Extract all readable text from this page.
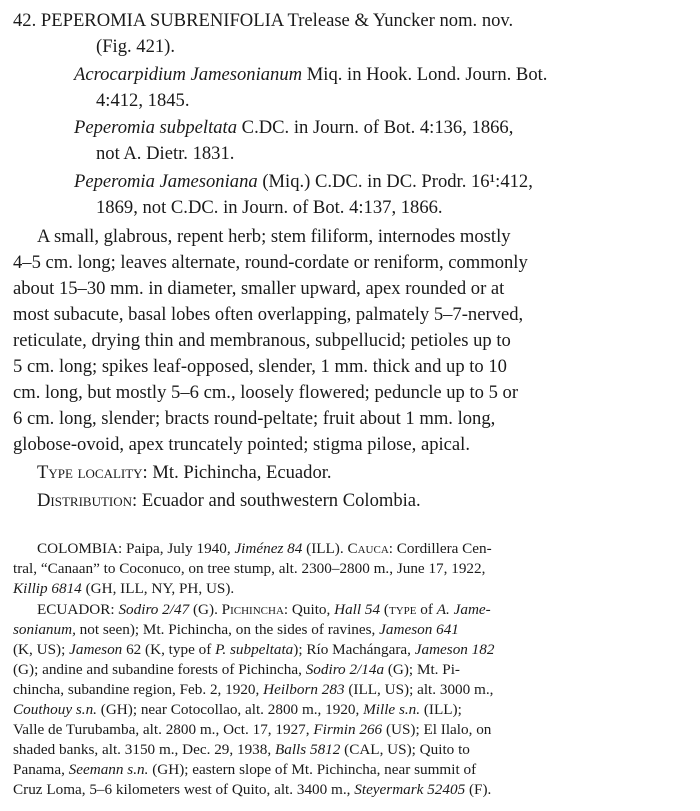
42. PEPEROMIA SUBRENIFOLIA Trelease & Yuncker nom. nov.
(Fig. 421).
Acrocarpidium Jamesonianum Miq. in Hook. Lond. Journ. Bot.
4:412, 1845.
Peperomia subpeltata C.DC. in Journ. of Bot. 4:136, 1866,
not A. Dietr. 1831.
Peperomia Jamesoniana (Miq.) C.DC. in DC. Prodr. 16¹:412,
1869, not C.DC. in Journ. of Bot. 4:137, 1866.
A small, glabrous, repent herb; stem filiform, internodes mostly
4–5 cm. long; leaves alternate, round-cordate or reniform, commonly
about 15–30 mm. in diameter, smaller upward, apex rounded or at
most subacute, basal lobes often overlapping, palmately 5–7-nerved,
reticulate, drying thin and membranous, subpellucid; petioles up to
5 cm. long; spikes leaf-opposed, slender, 1 mm. thick and up to 10
cm. long, but mostly 5–6 cm., loosely flowered; peduncle up to 5 or
6 cm. long, slender; bracts round-peltate; fruit about 1 mm. long,
globose-ovoid, apex truncately pointed; stigma pilose, apical.
Type locality: Mt. Pichincha, Ecuador.
Distribution: Ecuador and southwestern Colombia.
COLOMBIA: Paipa, July 1940, Jiménez 84 (ILL). Cauca: Cordillera Cen-
tral, “Canaan” to Coconuco, on tree stump, alt. 2300–2800 m., June 17, 1922,
Killip 6814 (GH, ILL, NY, PH, US).
ECUADOR: Sodiro 2/47 (G). Pichincha: Quito, Hall 54 (type of A. Jame-
sonianum, not seen); Mt. Pichincha, on the sides of ravines, Jameson 641
(K, US); Jameson 62 (K, type of P. subpeltata); Río Machángara, Jameson 182
(G); andine and subandine forests of Pichincha, Sodiro 2/14a (G); Mt. Pi-
chincha, subandine region, Feb. 2, 1920, Heilborn 283 (ILL, US); alt. 3000 m.,
Couthouy s.n. (GH); near Cotocollao, alt. 2800 m., 1920, Mille s.n. (ILL);
Valle de Turubamba, alt. 2800 m., Oct. 17, 1927, Firmin 266 (US); El Ilalo, on
shaded banks, alt. 3150 m., Dec. 29, 1938, Balls 5812 (CAL, US); Quito to
Panama, Seemann s.n. (GH); eastern slope of Mt. Pichincha, near summit of
Cruz Loma, 5–6 kilometers west of Quito, alt. 3400 m., Steyermark 52405 (F).
